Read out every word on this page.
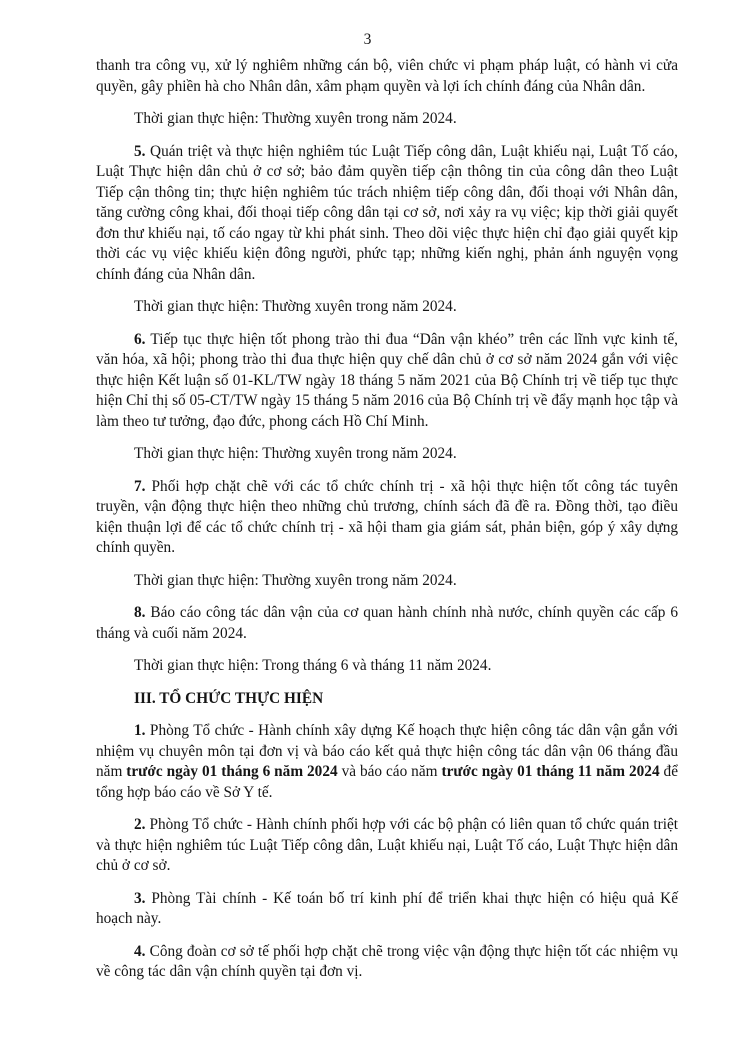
3

thanh tra công vụ, xử lý nghiêm những cán bộ, viên chức vi phạm pháp luật, có hành vi cửa quyền, gây phiền hà cho Nhân dân, xâm phạm quyền và lợi ích chính đáng của Nhân dân.

Thời gian thực hiện: Thường xuyên trong năm 2024.

5. Quán triệt và thực hiện nghiêm túc Luật Tiếp công dân, Luật khiếu nại, Luật Tố cáo, Luật Thực hiện dân chủ ở cơ sở; bảo đảm quyền tiếp cận thông tin của công dân theo Luật Tiếp cận thông tin; thực hiện nghiêm túc trách nhiệm tiếp công dân, đối thoại với Nhân dân, tăng cường công khai, đối thoại tiếp công dân tại cơ sở, nơi xảy ra vụ việc; kịp thời giải quyết đơn thư khiếu nại, tố cáo ngay từ khi phát sinh. Theo dõi việc thực hiện chỉ đạo giải quyết kịp thời các vụ việc khiếu kiện đông người, phức tạp; những kiến nghị, phản ánh nguyện vọng chính đáng của Nhân dân.

Thời gian thực hiện: Thường xuyên trong năm 2024.

6. Tiếp tục thực hiện tốt phong trào thi đua “Dân vận khéo” trên các lĩnh vực kinh tế, văn hóa, xã hội; phong trào thi đua thực hiện quy chế dân chủ ở cơ sở năm 2024 gắn với việc thực hiện Kết luận số 01-KL/TW ngày 18 tháng 5 năm 2021 của Bộ Chính trị về tiếp tục thực hiện Chỉ thị số 05-CT/TW ngày 15 tháng 5 năm 2016 của Bộ Chính trị về đẩy mạnh học tập và làm theo tư tưởng, đạo đức, phong cách Hồ Chí Minh.

Thời gian thực hiện: Thường xuyên trong năm 2024.

7. Phối hợp chặt chẽ với các tổ chức chính trị - xã hội thực hiện tốt công tác tuyên truyền, vận động thực hiện theo những chủ trương, chính sách đã đề ra. Đồng thời, tạo điều kiện thuận lợi để các tổ chức chính trị - xã hội tham gia giám sát, phản biện, góp ý xây dựng chính quyền.

Thời gian thực hiện: Thường xuyên trong năm 2024.

8. Báo cáo công tác dân vận của cơ quan hành chính nhà nước, chính quyền các cấp 6 tháng và cuối năm 2024.

Thời gian thực hiện: Trong tháng 6 và tháng 11 năm 2024.

III. TỔ CHỨC THỰC HIỆN

1. Phòng Tổ chức - Hành chính xây dựng Kế hoạch thực hiện công tác dân vận gắn với nhiệm vụ chuyên môn tại đơn vị và báo cáo kết quả thực hiện công tác dân vận 06 tháng đầu năm trước ngày 01 tháng 6 năm 2024 và báo cáo năm trước ngày 01 tháng 11 năm 2024 để tổng hợp báo cáo về Sở Y tế.

2. Phòng Tổ chức - Hành chính phối hợp với các bộ phận có liên quan tổ chức quán triệt và thực hiện nghiêm túc Luật Tiếp công dân, Luật khiếu nại, Luật Tố cáo, Luật Thực hiện dân chủ ở cơ sở.

3. Phòng Tài chính - Kế toán bố trí kinh phí để triển khai thực hiện có hiệu quả Kế hoạch này.

4. Công đoàn cơ sở tế phối hợp chặt chẽ trong việc vận động thực hiện tốt các nhiệm vụ về công tác dân vận chính quyền tại đơn vị.
